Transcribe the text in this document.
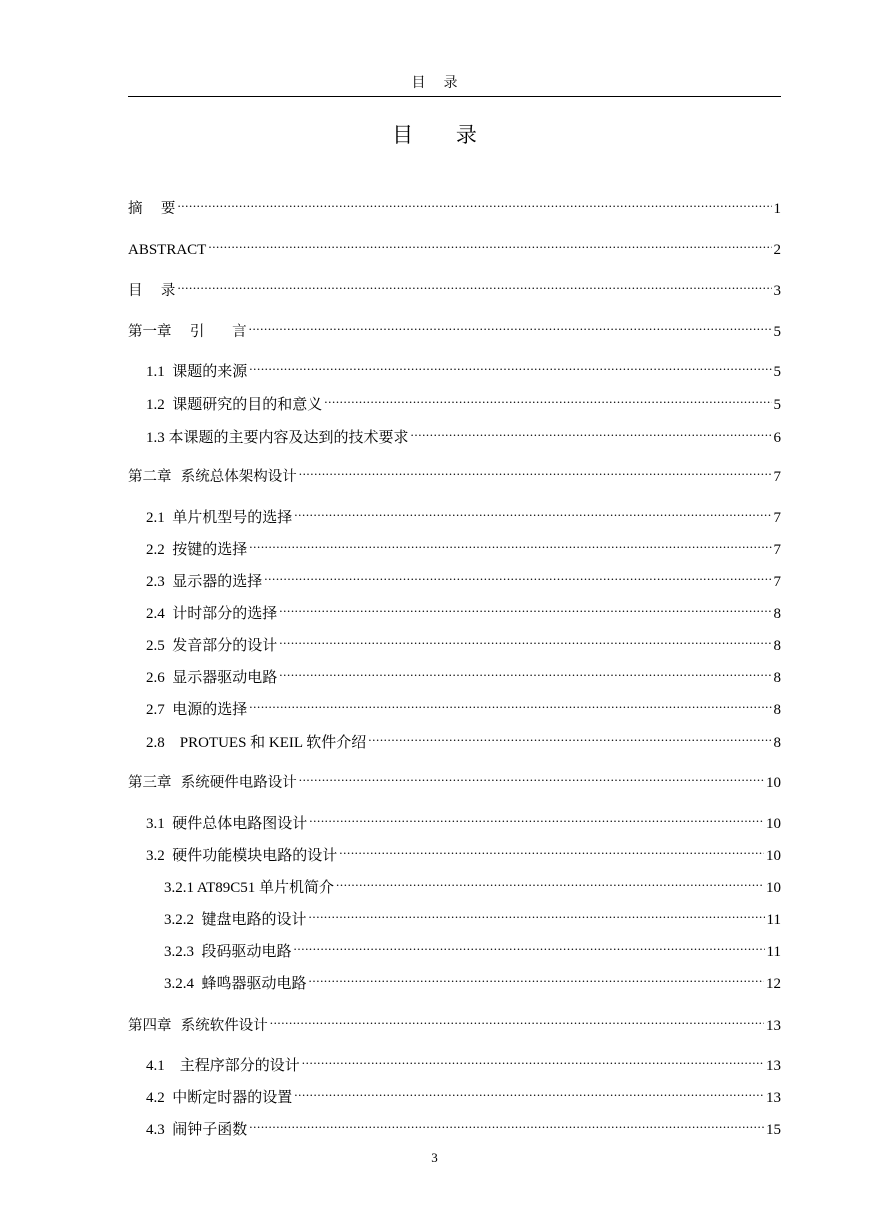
目录
目 录
摘    要 .....	1
ABSTRACT .....	2
目    录 .....	3
第一章    引      言 .....	5
1.1  课题的来源 .....	5
1.2  课题研究的目的和意义 .....	5
1.3 本课题的主要内容及达到的技术要求 .....	6
第二章  系统总体架构设计 .....	7
2.1  单片机型号的选择 .....	7
2.2  按键的选择 .....	7
2.3  显示器的选择 .....	7
2.4  计时部分的选择 .....	8
2.5  发音部分的设计 .....	8
2.6  显示器驱动电路 .....	8
2.7  电源的选择 .....	8
2.8    PROTUES 和 KEIL 软件介绍 .....	8
第三章  系统硬件电路设计 .....	10
3.1  硬件总体电路图设计 .....	10
3.2  硬件功能模块电路的设计 .....	10
3.2.1 AT89C51 单片机简介 .....	10
3.2.2  键盘电路的设计 .....	11
3.2.3  段码驱动电路 .....	11
3.2.4  蜂鸣器驱动电路 .....	12
第四章  系统软件设计 .....	13
4.1    主程序部分的设计 .....	13
4.2  中断定时器的设置 .....	13
4.3  闹钟子函数 .....	15
3
